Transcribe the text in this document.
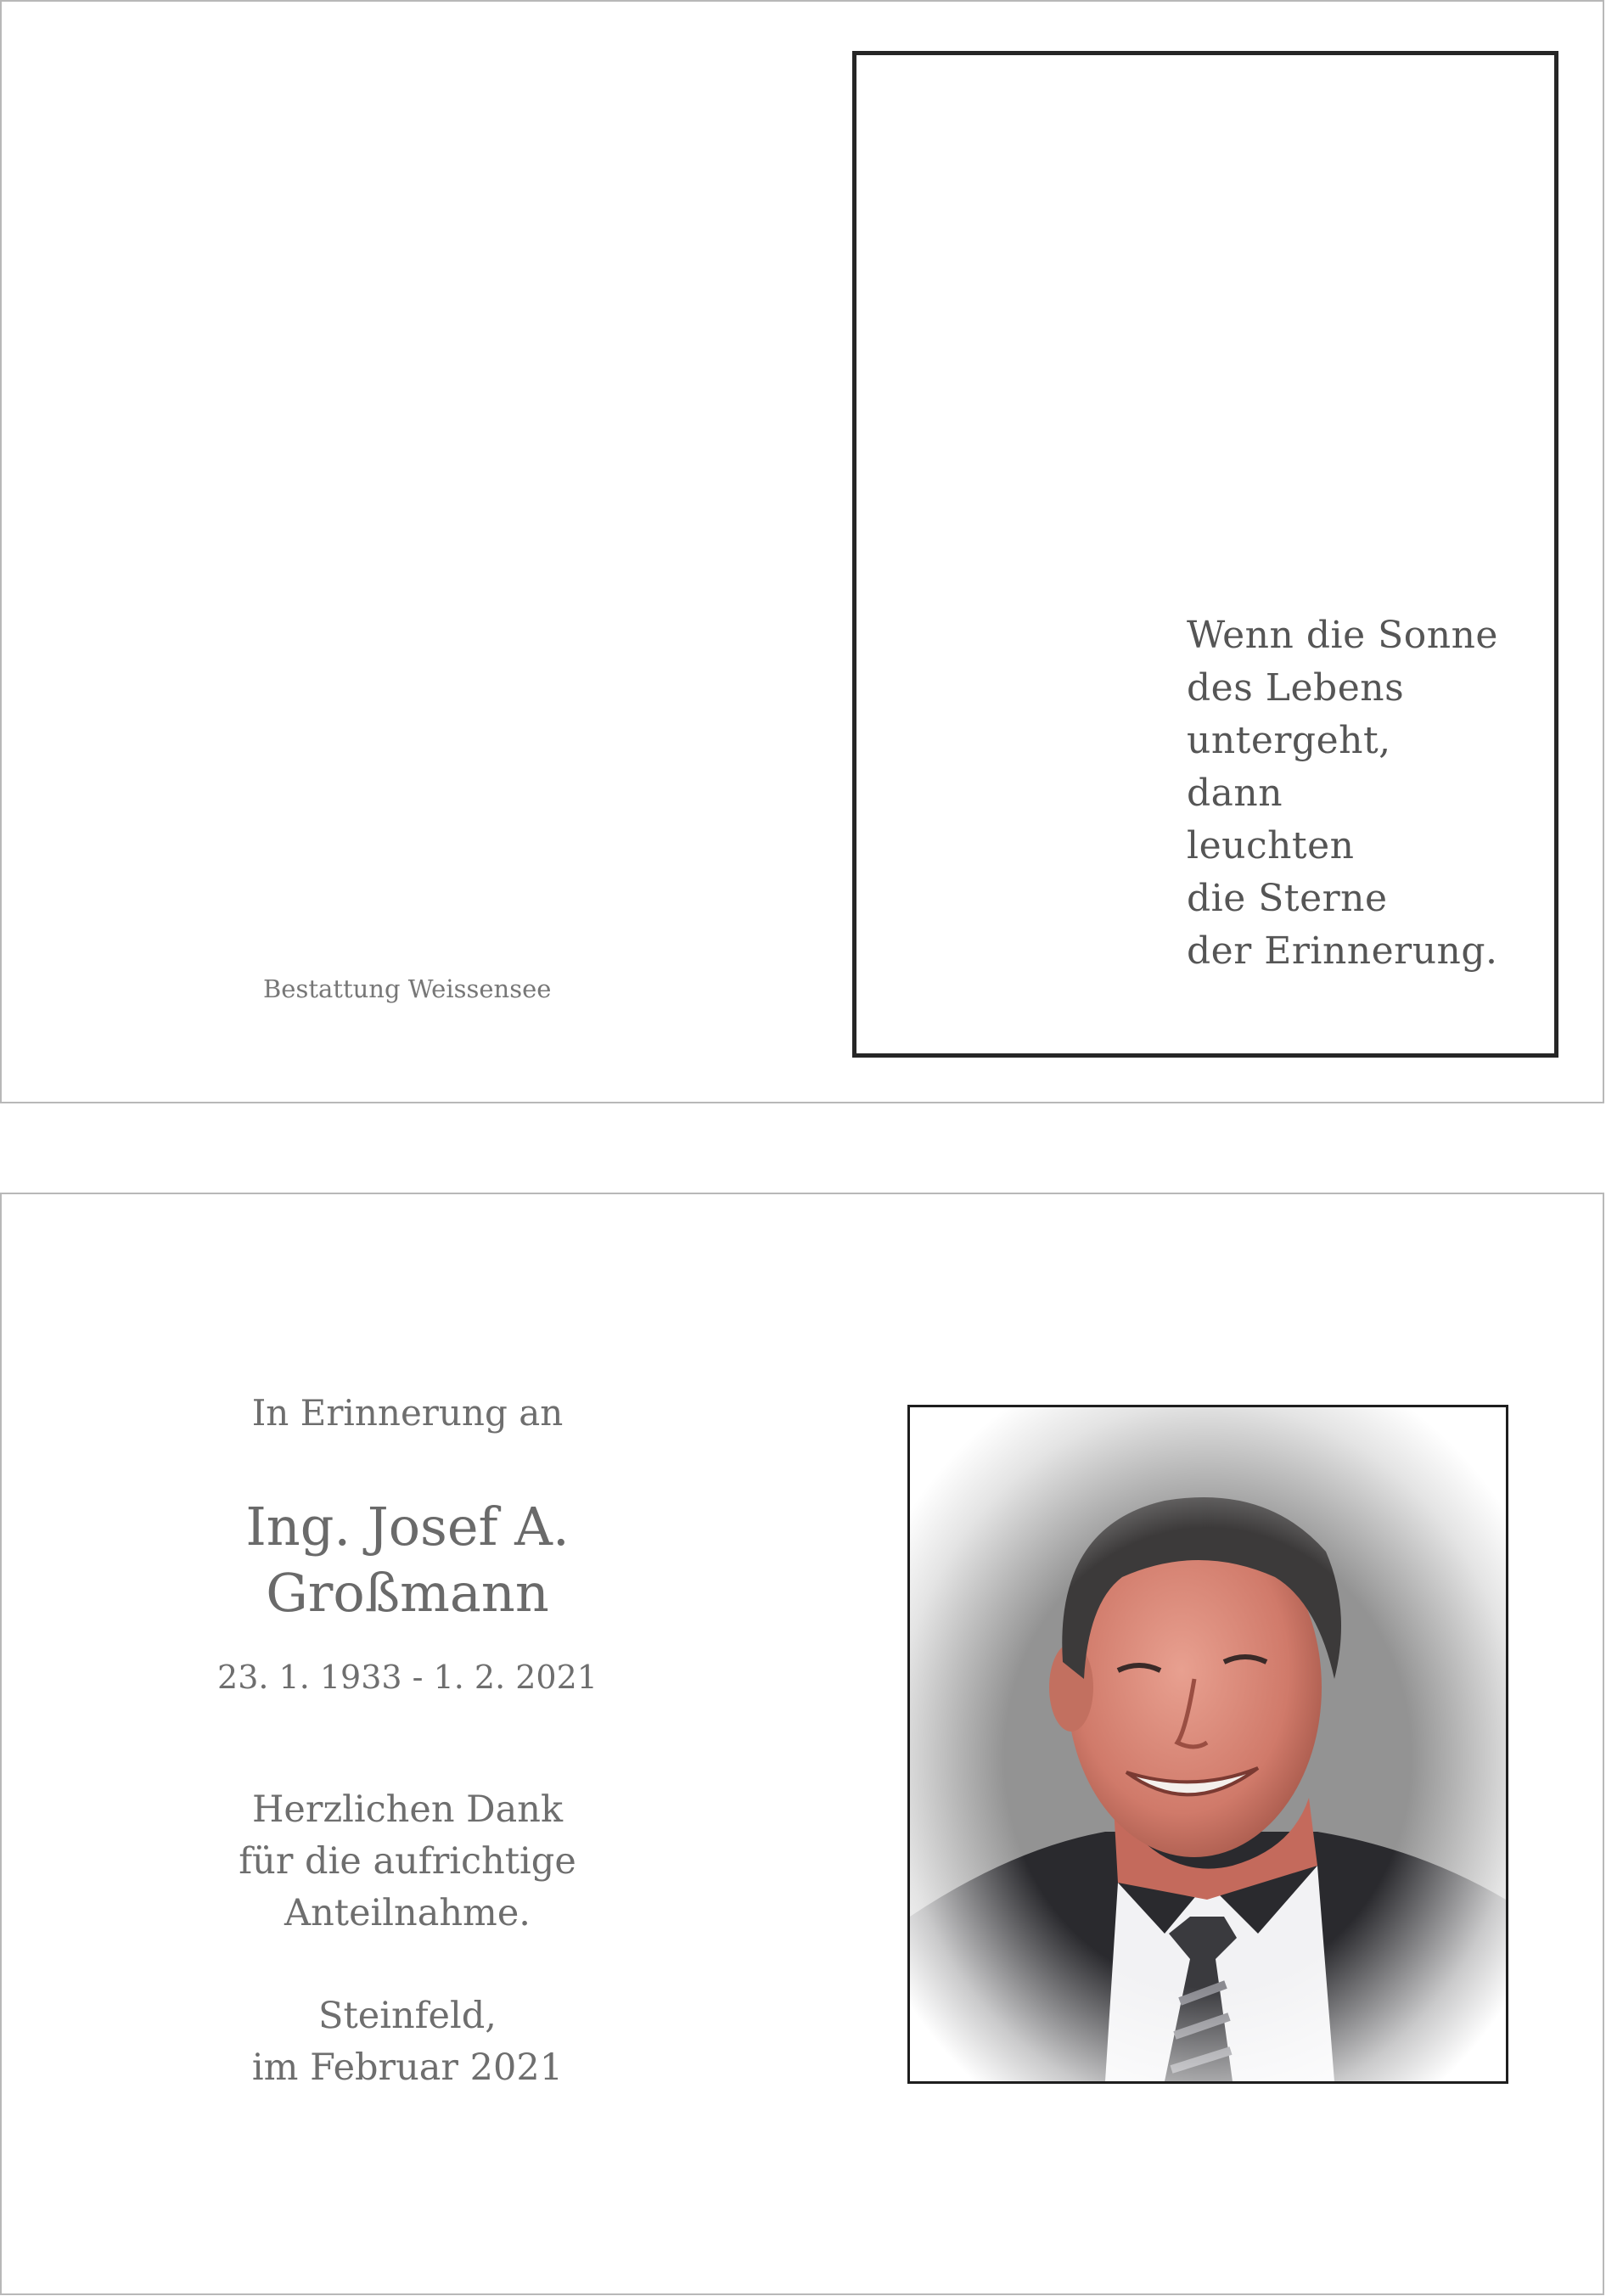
Wenn die Sonne
des Lebens
untergeht,
dann
leuchten
die Sterne
der Erinnerung.
Bestattung Weissensee
In Erinnerung an
Ing. Josef A.
Großmann
23. 1. 1933 - 1. 2. 2021
Herzlichen Dank
für die aufrichtige
Anteilnahme.
Steinfeld,
im Februar 2021
